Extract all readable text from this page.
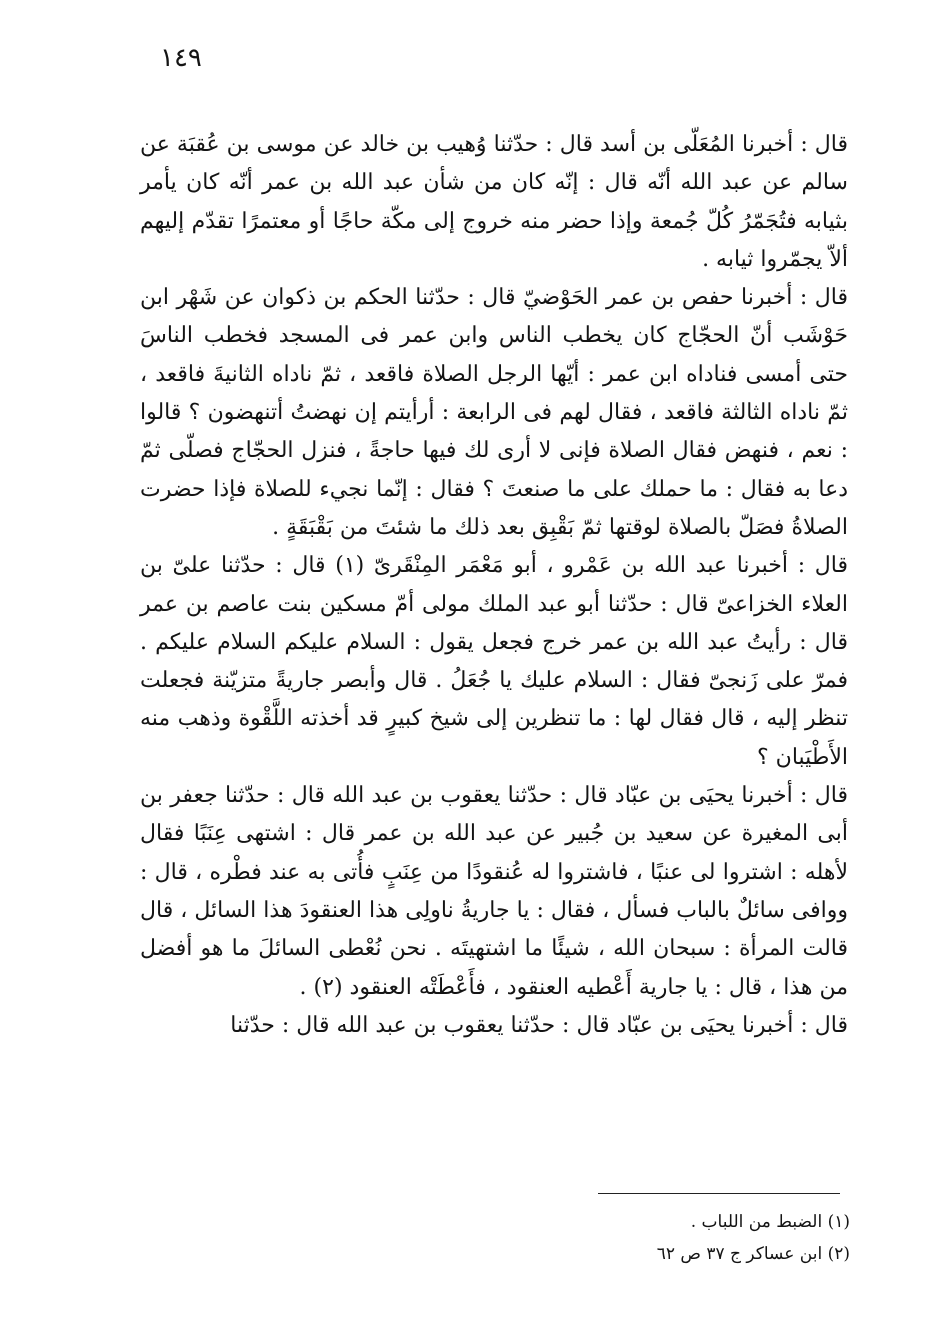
١٤٩

قال : أخبرنا المُعَلّى بن أسد قال : حدّثنا وُهيب بن خالد عن موسى بن عُقبَة عن سالم عن عبد الله أنّه قال : إنّه كان من شأن عبد الله بن عمر أنّه كان يأمر بثيابه فتُجَمّرُ كُلّ جُمعة وإذا حضر منه خروج إلى مكّة حاجًا أو معتمرًا تقدّم إليهم ألاّ يجمّروا ثيابه .

قال : أخبرنا حفص بن عمر الحَوْضيّ قال : حدّثنا الحكم بن ذكوان عن شَهْر ابن حَوْشَب أنّ الحجّاج كان يخطب الناس وابن عمر فى المسجد فخطب الناسَ حتى أمسى فناداه ابن عمر : أيّها الرجل الصلاة فاقعد ، ثمّ ناداه الثانيةَ فاقعد ، ثمّ ناداه الثالثة فاقعد ، فقال لهم فى الرابعة : أرأيتم إن نهضتُ أتنهضون ؟ قالوا : نعم ، فنهض فقال الصلاة فإنى لا أرى لك فيها حاجةً ، فنزل الحجّاج فصلّى ثمّ دعا به فقال : ما حملك على ما صنعتَ ؟ فقال : إنّما نجيء للصلاة فإذا حضرت الصلاةُ فصَلّ بالصلاة لوقتها ثمّ بَقْبِق بعد ذلك ما شئتَ من بَقْبَقَةٍ .

قال : أخبرنا عبد الله بن عَمْرو ، أبو مَعْمَر المِنْقَرىّ (١) قال : حدّثنا علىّ بن العلاء الخزاعىّ قال : حدّثنا أبو عبد الملك مولى أمّ مسكين بنت عاصم بن عمر قال : رأيتُ عبد الله بن عمر خرج فجعل يقول : السلام عليكم السلام عليكم . فمرّ على زَنجىّ فقال : السلام عليك يا جُعَلُ . قال وأبصر جاريةً متزيّنة فجعلت تنظر إليه ، قال فقال لها : ما تنظرين إلى شيخ كبيرٍ قد أخذته اللَّقْوة وذهب منه الأَطْيَبان ؟

قال : أخبرنا يحيَى بن عبّاد قال : حدّثنا يعقوب بن عبد الله قال : حدّثنا جعفر بن أبى المغيرة عن سعيد بن جُبير عن عبد الله بن عمر قال : اشتهى عِنَبًا فقال لأهله : اشتروا لى عنبًا ، فاشتروا له عُنقودًا من عِنَبٍ فأُتى به عند فطْره ، قال : ووافى سائلٌ بالباب فسأل ، فقال : يا جاريةُ ناولِى هذا العنقودَ هذا السائل ، قال قالت المرأة : سبحان الله ، شيئًا ما اشتهيتَه . نحن نُعْطى السائلَ ما هو أفضل من هذا ، قال : يا جارية أَعْطيه العنقود ، فأَعْطَتْه العنقود (٢) .

قال : أخبرنا يحيَى بن عبّاد قال : حدّثنا يعقوب بن عبد الله قال : حدّثنا

(١) الضبط من اللباب .
(٢) ابن عساكر ج ٣٧ ص ٦٢
